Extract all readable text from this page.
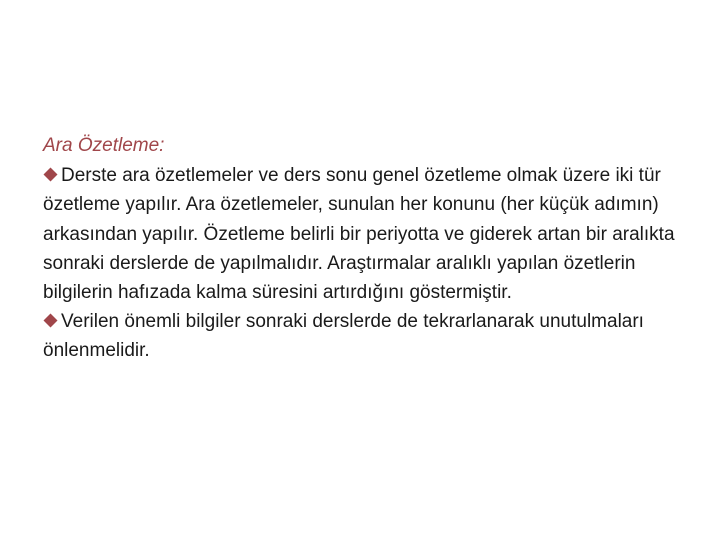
Ara Özetleme:

Derste ara özetlemeler ve ders sonu genel özetleme olmak üzere iki tür özetleme yapılır. Ara özetlemeler, sunulan her konunu (her küçük adımın) arkasından yapılır. Özetleme belirli bir periyotta ve giderek artan bir aralıkta sonraki derslerde de yapılmalıdır. Araştırmalar aralıklı yapılan özetlerin bilgilerin hafızada kalma süresini artırdığını göstermiştir.

Verilen önemli bilgiler sonraki derslerde de tekrarlanarak unutulmaları önlenmelidir.
